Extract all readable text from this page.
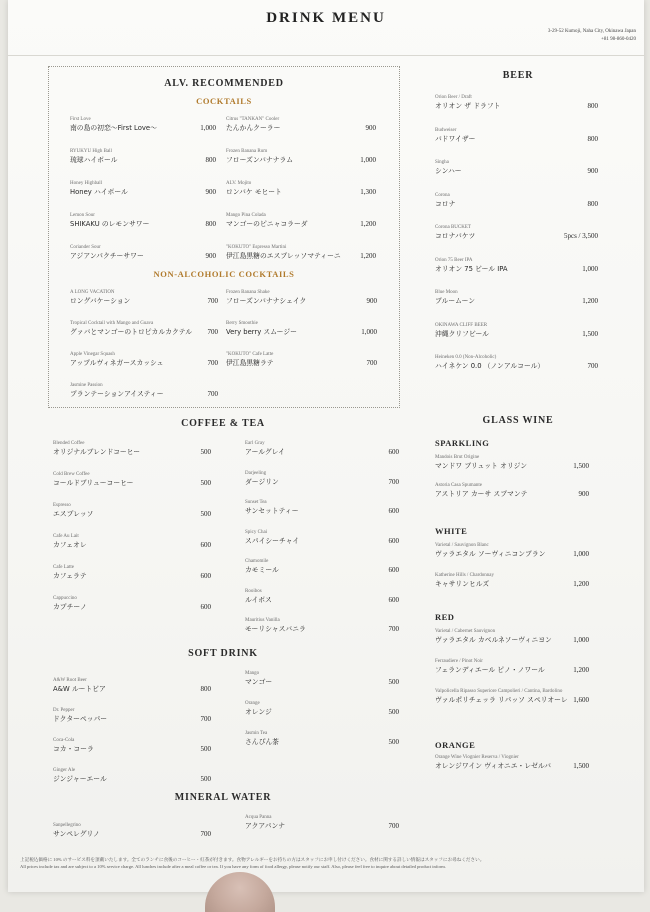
DRINK MENU
3-29-52 Kumoji, Naha City, Okinawa Japan
+81 98-860-0420
ALV. RECOMMENDED
COCKTAILS
NON-ALCOHOLIC COCKTAILS
First Love
南の島の初恋〜First Love〜	1,000
RYUKYU High Ball
琉球ハイボール	800
Honey Highball
Honey ハイボール	900
Lemon Sour
SHIKAKU のレモンサワー	800
Coriander Sour
アジアンパクチーサワー	900
Citrus "TANKAN" Cooler
たんかんクーラー	900
Frozen Banana Rum
フローズンバナナラム	1,000
ALV. Mojito
ロンバケ モヒート	1,300
Mango Pina Colada
マンゴーのピニャコラーダ	1,200
"KOKUTO" Espresso Martini
伊江島黒糖のエスプレッソマティーニ	1,200
A LONG VACATION
ロングバケーション	700
Tropical Cocktail with Mango and Guava
グァバとマンゴーのトロピカルカクテル 700
Apple Vinegar Squash
アップルヴィネガースカッシュ	700
Jasmine Passion
プランテーションアイスティー	700
Frozen Banana Shake
フローズンバナナシェイク	900
Berry Smoothie
Very berry スムージー	1,000
"KOKUTO" Cafe Latte
伊江島黒糖ラテ	700
COFFEE & TEA
Blended Coffee
オリジナルブレンドコーヒー	500
Cold Brew Coffee
コールドブリューコーヒー	500
Espresso
エスプレッソ	500
Cafe Au Lait
カフェオレ	600
Cafe Latte
カフェラテ	600
Cappuccino
カプチーノ	600
Earl Gray
アールグレイ	600
Darjeeling
ダージリン	700
Sunset Tea
サンセットティー	600
Spicy Chai
スパイシーチャイ	600
Chamomile
カモミール	600
Rooibos
ルイボス	600
Mauritius Vanilla
モーリシャスバニラ	700
SOFT DRINK
A&W Root Beer
A&W ルートビア	800
Dr. Pepper
ドクターペッパー	700
Coca-Cola
コカ・コーラ	500
Ginger Ale
ジンジャーエール	500
Mango
マンゴー	500
Orange
オレンジ	500
Jasmin Tea
さんぴん茶	500
MINERAL WATER
Sanpellegrino
サンペレグリノ	700
Acqua Panna
アクアパンナ	700
BEER
Orion Beer / Draft
オリオン ザ ドラフト	800
Budweiser
バドワイザー	800
Singha
シンハー	900
Corona
コロナ	800
Corona BUCKET
コロナバケツ	5pcs / 3,500
Orion 75 Beer IPA
オリオン 75 ビール IPA	1,000
Blue Moon
ブルームーン	1,200
OKINAWA CLIFF BEER
沖縄クリフビール	1,500
Heineken 0.0 (Non-Alcoholic)
ハイネケン 0.0 （ノンアルコール）	700
GLASS WINE
SPARKLING
Mandois Brut Origine
マンドワ ブリュット オリジン	1,500
Astoria Casa Spumante
アストリア カーサ スプマンテ	900
WHITE
Varietal / Sauvignon Blanc
ヴァラエタル ソーヴィニコンブラン	1,000
Katherine Hills / Chardonnay
キャサリンヒルズ	1,200
RED
Varietal / Cabernet Sauvignon
ヴァラエタル カベルネソーヴィニヨン	1,000
Ferraudiere / Pinot Noir
フェランディエール ピノ・ノワール	1,200
Valpolicella Ripasso Superiore Campolieri / Cantina, Bardolino
ヴァルポリチェッラ リパッソ スペリオーレ 1,600
ORANGE
Orange Wine Viognier Reserva / Viognier
オレンジワイン ヴィオニエ・レゼルバ	1,500
上記税込価格に 10% のサービス料を頂戴いたします。全てのランチに食後のコーヒー・紅茶が付きます。食物アレルギーをお持ちの方はスタッフにお申し付けください。食材に関する詳しい情報はスタッフにお尋ねください。
All prices include tax and are subject to a 10% service charge. All lunches include after a meal coffee or tea. If you have any form of food allergy, please notify our staff. Also, please feel free to inquire about detailed product inform.
